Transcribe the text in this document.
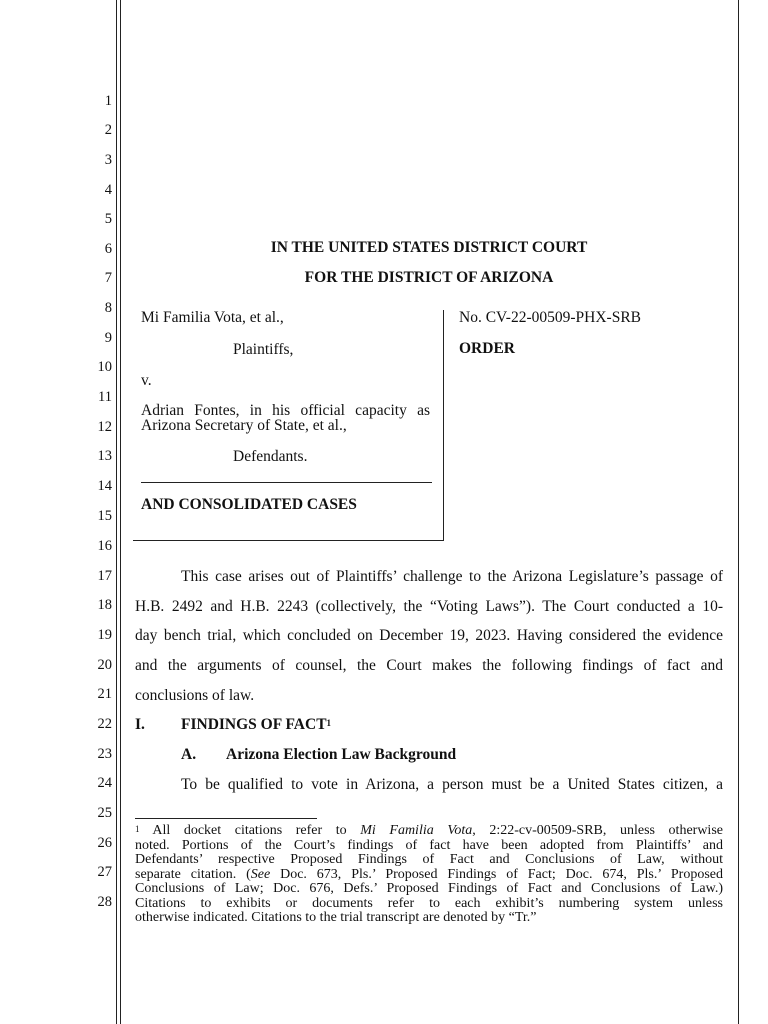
1
2
3
4
5
6
7
8
9
10
11
12
13
14
15
16
17
18
19
20
21
22
23
24
25
26
27
28
IN THE UNITED STATES DISTRICT COURT
FOR THE DISTRICT OF ARIZONA
Mi Familia Vota, et al.,
Plaintiffs,
v.
Adrian Fontes, in his official capacity as
Arizona Secretary of State, et al.,
Defendants.
AND CONSOLIDATED CASES
No. CV-22-00509-PHX-SRB
ORDER
This case arises out of Plaintiffs’ challenge to the Arizona Legislature’s passage of
H.B. 2492 and H.B. 2243 (collectively, the “Voting Laws”). The Court conducted a 10-
day bench trial, which concluded on December 19, 2023. Having considered the evidence
and the arguments of counsel, the Court makes the following findings of fact and
conclusions of law.
I. FINDINGS OF FACT$^1$
A. Arizona Election Law Background
To be qualified to vote in Arizona, a person must be a United States citizen, a
$^1$ All docket citations refer to Mi Familia Vota, 2:22-cv-00509-SRB, unless otherwise
noted. Portions of the Court’s findings of fact have been adopted from Plaintiffs’ and
Defendants’ respective Proposed Findings of Fact and Conclusions of Law, without
separate citation. (See Doc. 673, Pls.’ Proposed Findings of Fact; Doc. 674, Pls.’ Proposed
Conclusions of Law; Doc. 676, Defs.’ Proposed Findings of Fact and Conclusions of Law.)
Citations to exhibits or documents refer to each exhibit’s numbering system unless
otherwise indicated. Citations to the trial transcript are denoted by “Tr.”
